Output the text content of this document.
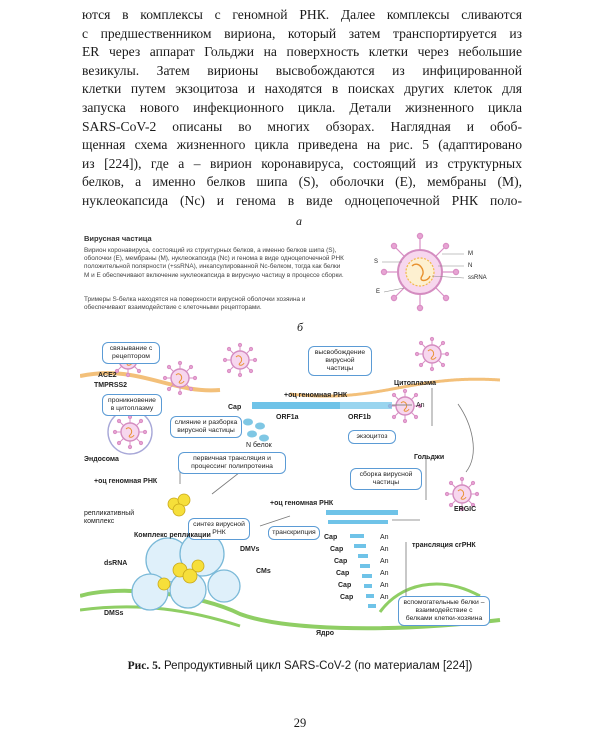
ются в комплексы с геномной РНК. Далее комплексы сливаются
с предшественником вириона, который затем транспортируется из
ER через аппарат Гольджи на поверхность клетки через небольшие
везикулы. Затем вирионы высвобождаются из инфицированной
клетки путем экзоцитоза и находятся в поисках других клеток для
запуска нового инфекционного цикла. Детали жизненного цикла
SARS-CoV-2 описаны во многих обзорах. Наглядная и обоб-
щенная схема жизненного цикла приведена на рис. 5 (адаптировано
из [224]), где а – вирион коронавируса, состоящий из структурных
белков, а именно белков шипа (S), оболочки (E), мембраны (M),
нуклеокапсида (Nc) и генома в виде одноцепочечной РНК поло-
а
Вирусная частица
Вирион коронавируса, состоящий из структурных белков, а именно белков шипа (S), оболочки (E), мембраны (M), нуклеокапсида (Nc) и генома в виде одноцепочечной РНК положительной полярности (+ssRNA), инкапсулированной Nc-белком, тогда как белки M и E обеспечивают включение нуклеокапсида в вирусную частицу в процессе сборки.
Тримеры S-белка находятся на поверхности вирусной оболочки хозяина и обеспечивают взаимодействие с клеточными рецепторами.
M
N
ssRNA
S
E
б
связывание с рецептором
проникновение в цитоплазму
слияние и разборка вирусной частицы
первичная трансляция и процессинг полипротеина
синтез вирусной РНК	транскрипция
высвобождение вирусной частицы
экзоцитоз
сборка вирусной частицы
вспомогательные белки – взаимодействие с белками клетки-хозяина
ACE2
TMPRSS2
Эндосома
Cap
+оц геномная РНК
ORF1a	ORF1b
An
N белок
Цитоплазма
Гольджи
ERGIC
+оц геномная РНК
репликативный комплекс
+оц геномная РНК
Комплекс репликации
dsRNA
DMVs
CMs
DMSs
Ядро
трансляция сгРНК
Cap
Cap
Cap
Cap
Cap
Cap
An
An
An
An
An
An
Рис. 5. Репродуктивный цикл SARS-CoV-2 (по материалам [224])
29
